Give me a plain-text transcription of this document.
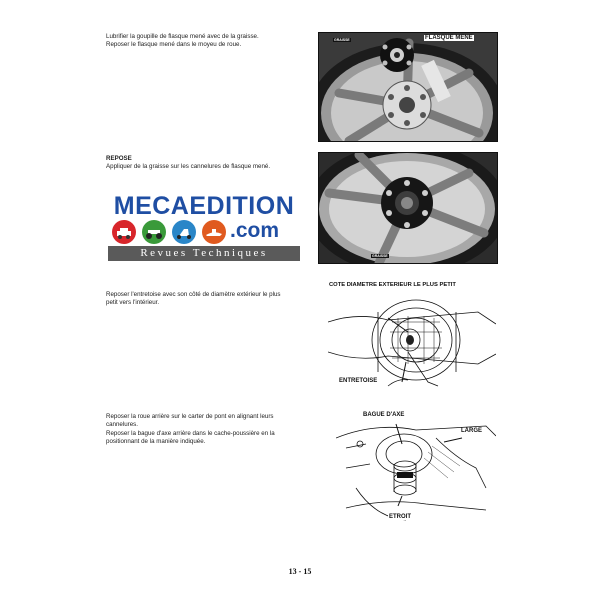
Lubrifier la goupille de flasque mené avec de la graisse.
Reposer le flasque mené dans le moyeu de roue.
GRAISSE	FLASQUE MENE
REPOSE
Appliquer de la graisse sur les cannelures de flasque mené.
GRAISSE
MECAEDITION
.com
Revues Techniques
Reposer l'entretoise avec son côté de diamètre extérieur le plus
petit vers l'intérieur.
COTE DIAMETRE EXTERIEUR LE PLUS PETIT
ENTRETOISE
Reposer la roue arrière sur le carter de pont en alignant leurs
cannelures.
Reposer la bague d'axe arrière dans le cache-poussière en la
positionnant de la manière indiquée.
BAGUE D'AXE
LARGE
ETROIT
13 - 15
